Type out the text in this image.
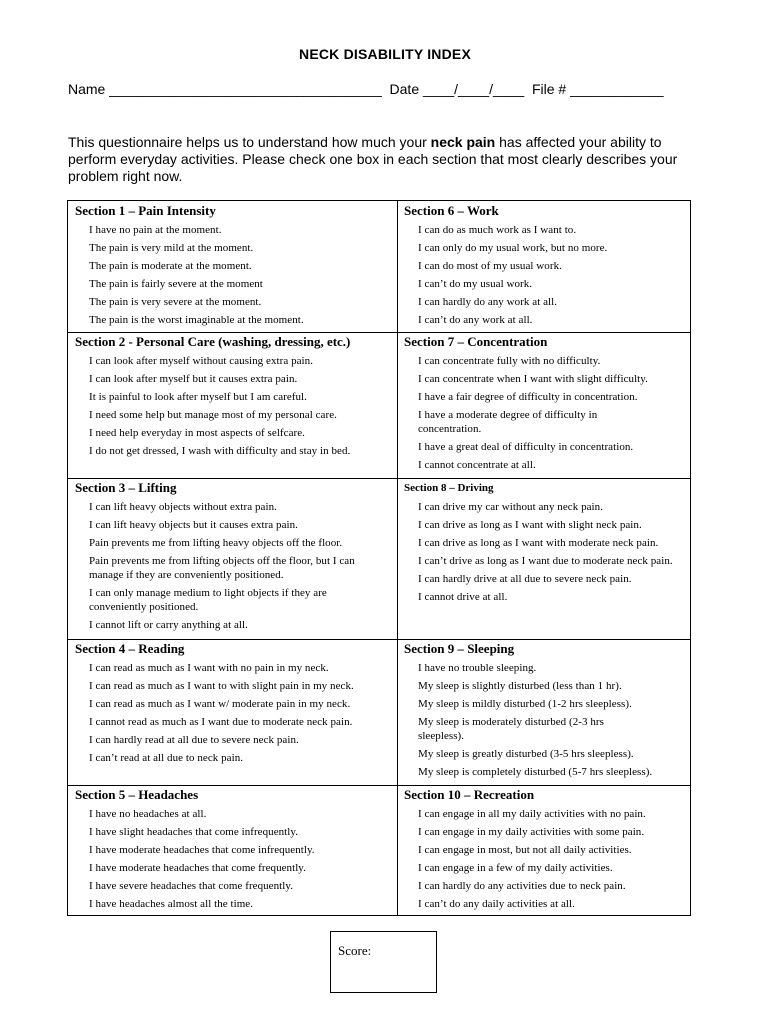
NECK DISABILITY INDEX
Name ___________________________________  Date ____/____/____  File # ____________
This questionnaire helps us to understand how much your neck pain has affected your ability to perform everyday activities. Please check one box in each section that most clearly describes your problem right now.
Section 1 – Pain Intensity
I have no pain at the moment.
The pain is very mild at the moment.
The pain is moderate at the moment.
The pain is fairly severe at the moment
The pain is very severe at the moment.
The pain is the worst imaginable at the moment.
Section 6 – Work
I can do as much work as I want to.
I can only do my usual work, but no more.
I can do most of my usual work.
I can’t do my usual work.
I can hardly do any work at all.
I can’t do any work at all.
Section 2 - Personal Care (washing, dressing, etc.)
I can look after myself without causing extra pain.
I can look after myself but it causes extra pain.
It is painful to look after myself but I am careful.
I need some help but manage most of my personal care.
I need help everyday in most aspects of selfcare.
I do not get dressed, I wash with difficulty and stay in bed.
Section 7 – Concentration
I can concentrate fully with no difficulty.
I can concentrate when I want with slight difficulty.
I have a fair degree of difficulty in concentration.
I have a moderate degree of difficulty in concentration.
I have a great deal of difficulty in concentration.
I cannot concentrate at all.
Section 3 – Lifting
I can lift heavy objects without extra pain.
I can lift heavy objects but it causes extra pain.
Pain prevents me from lifting heavy objects off the floor.
Pain prevents me from lifting objects off the floor, but I can manage if they are conveniently positioned.
I can only manage medium to light objects if they are conveniently positioned.
I cannot lift or carry anything at all.
Section 8 – Driving
I can drive my car without any neck pain.
I can drive as long as I want with slight neck pain.
I can drive as long as I want with moderate neck pain.
I can’t drive as long as I want due to moderate neck pain.
I can hardly drive at all due to severe neck pain.
I cannot drive at all.
Section 4 – Reading
I can read as much as I want with no pain in my neck.
I can read as much as I want to with slight pain in my neck.
I can read as much as I want w/ moderate pain in my neck.
I cannot read as much as I want due to moderate neck pain.
I can hardly read at all due to severe neck pain.
I can’t read at all due to neck pain.
Section 9 – Sleeping
I have no trouble sleeping.
My sleep is slightly disturbed (less than 1 hr).
My sleep is mildly disturbed (1-2 hrs sleepless).
My sleep is moderately disturbed (2-3 hrs sleepless).
My sleep is greatly disturbed (3-5 hrs sleepless).
My sleep is completely disturbed (5-7 hrs sleepless).
Section 5 – Headaches
I have no headaches at all.
I have slight headaches that come infrequently.
I have moderate headaches that come infrequently.
I have moderate headaches that come frequently.
I have severe headaches that come frequently.
I have headaches almost all the time.
Section 10 – Recreation
I can engage in all my daily activities with no pain.
I can engage in my daily activities with some pain.
I can engage in most, but not all daily activities.
I can engage in a few of my daily activities.
I can hardly do any activities due to neck pain.
I can’t do any daily activities at all.
Score:
